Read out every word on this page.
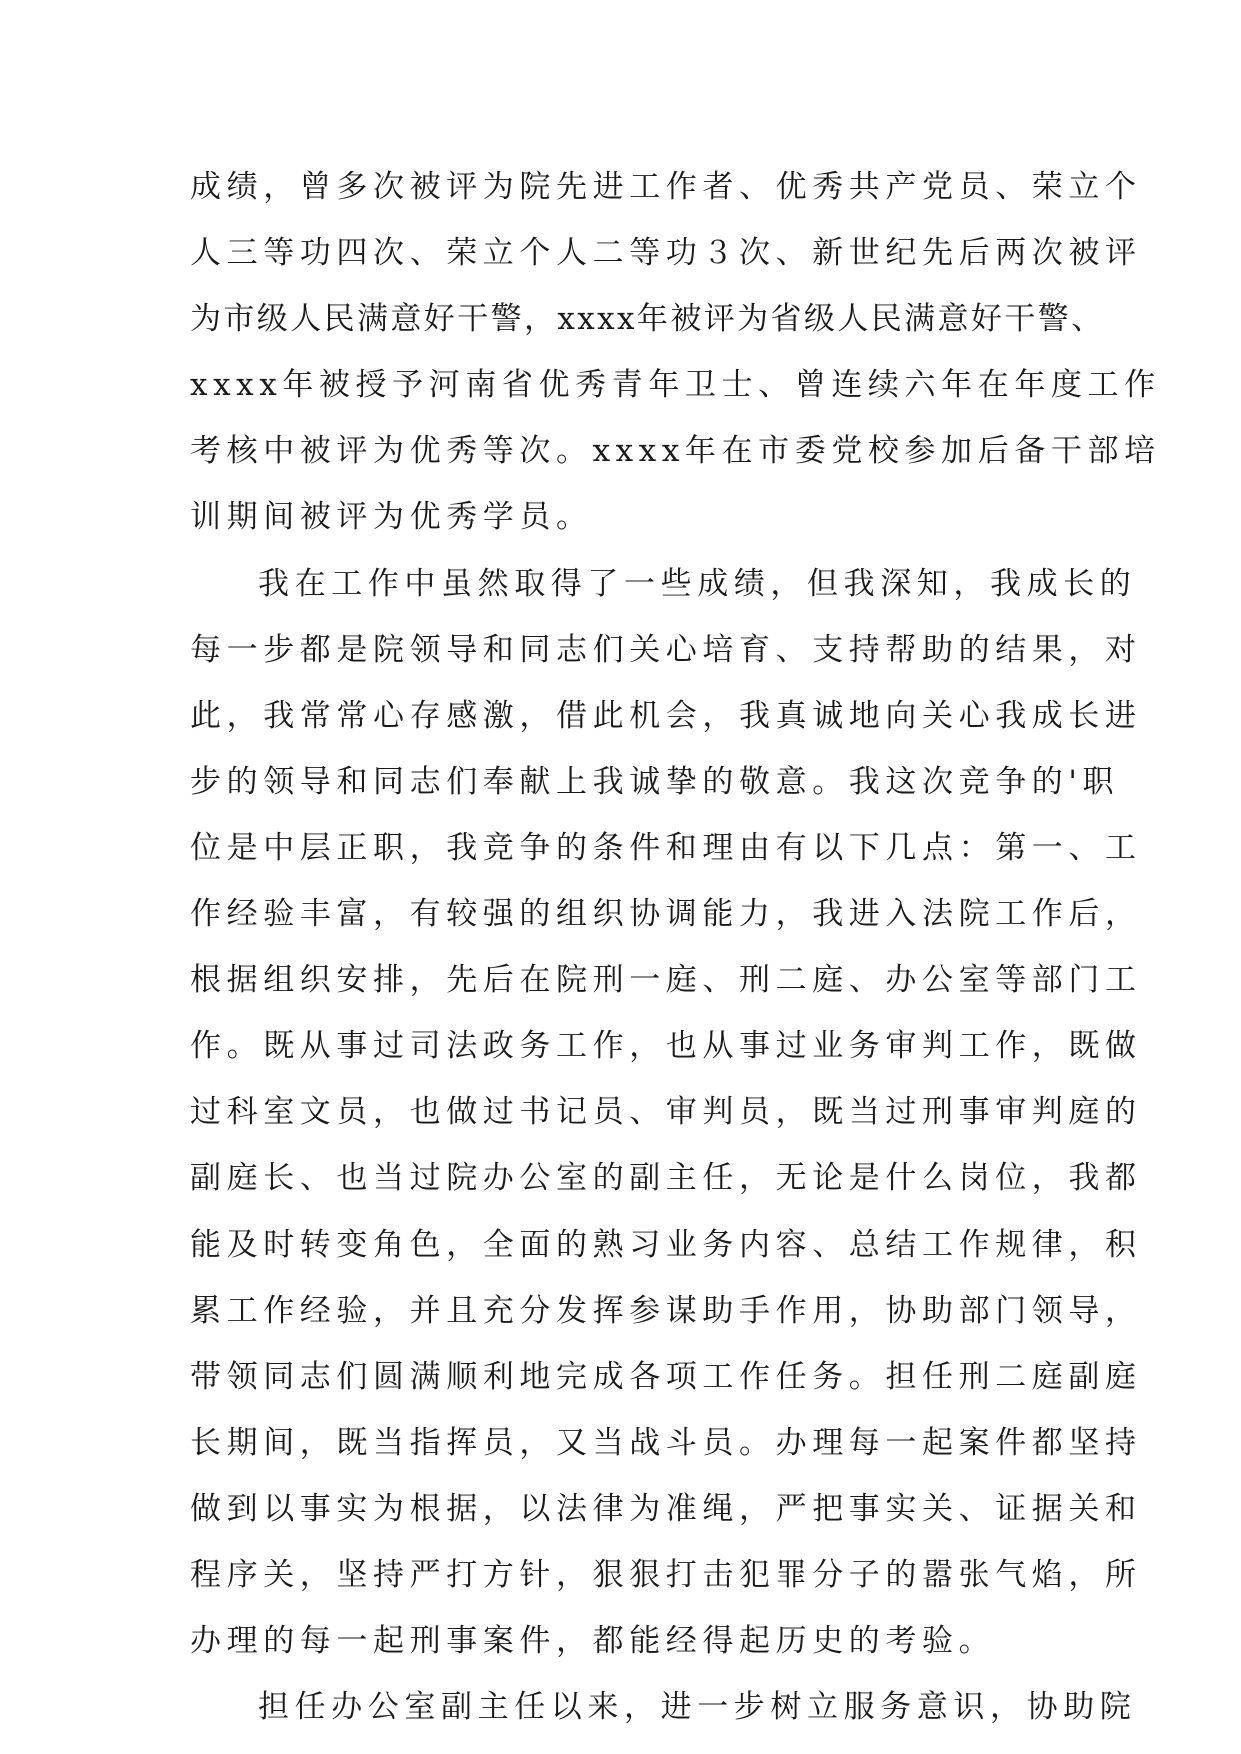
成绩，曾多次被评为院先进工作者、优秀共产党员、荣立个
人三等功四次、荣立个人二等功３次、新世纪先后两次被评
为市级人民满意好干警，xxxx年被评为省级人民满意好干警、
xxxx年被授予河南省优秀青年卫士、曾连续六年在年度工作
考核中被评为优秀等次。xxxx年在市委党校参加后备干部培
训期间被评为优秀学员。
我在工作中虽然取得了一些成绩，但我深知，我成长的
每一步都是院领导和同志们关心培育、支持帮助的结果，对
此，我常常心存感激，借此机会，我真诚地向关心我成长进
步的领导和同志们奉献上我诚挚的敬意。我这次竞争的'职
位是中层正职，我竞争的条件和理由有以下几点：第一、工
作经验丰富，有较强的组织协调能力，我进入法院工作后，
根据组织安排，先后在院刑一庭、刑二庭、办公室等部门工
作。既从事过司法政务工作，也从事过业务审判工作，既做
过科室文员，也做过书记员、审判员，既当过刑事审判庭的
副庭长、也当过院办公室的副主任，无论是什么岗位，我都
能及时转变角色，全面的熟习业务内容、总结工作规律，积
累工作经验，并且充分发挥参谋助手作用，协助部门领导，
带领同志们圆满顺利地完成各项工作任务。担任刑二庭副庭
长期间，既当指挥员，又当战斗员。办理每一起案件都坚持
做到以事实为根据，以法律为准绳，严把事实关、证据关和
程序关，坚持严打方针，狠狠打击犯罪分子的嚣张气焰，所
办理的每一起刑事案件，都能经得起历史的考验。
担任办公室副主任以来，进一步树立服务意识，协助院
